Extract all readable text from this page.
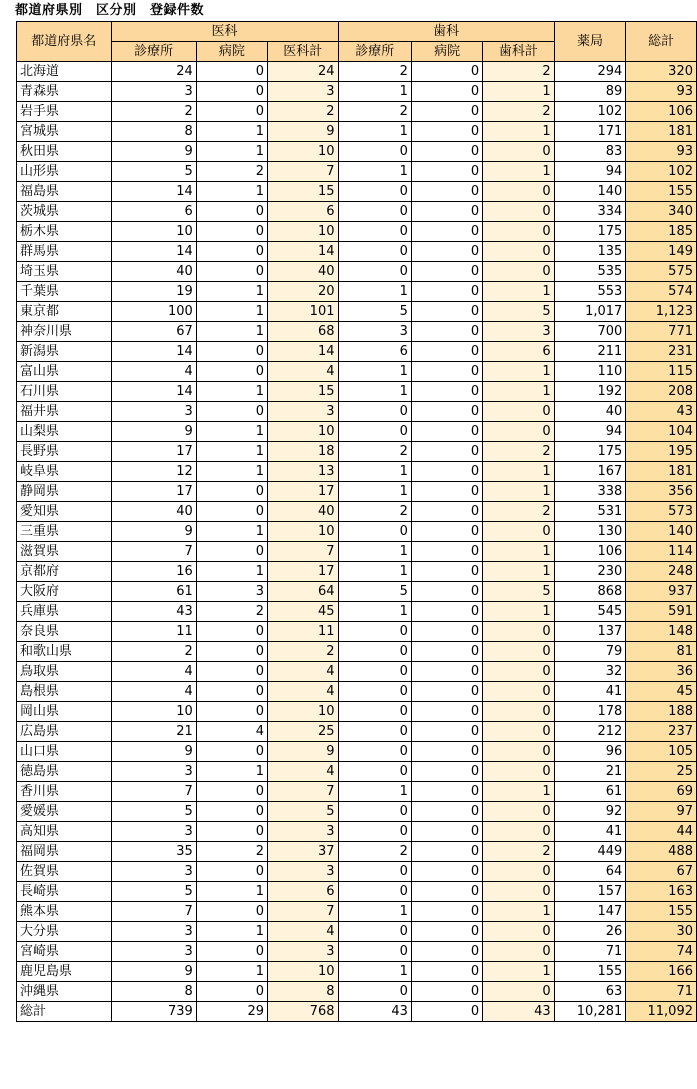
都道府県別　区分別　登録件数
都道府県名	医科			歯科			薬局	総計
	診療所	病院	医科計	診療所	病院	歯科計		
北海道	24	0	24	2	0	2	294	320
青森県	3	0	3	1	0	1	89	93
岩手県	2	0	2	2	0	2	102	106
宮城県	8	1	9	1	0	1	171	181
秋田県	9	1	10	0	0	0	83	93
山形県	5	2	7	1	0	1	94	102
福島県	14	1	15	0	0	0	140	155
茨城県	6	0	6	0	0	0	334	340
栃木県	10	0	10	0	0	0	175	185
群馬県	14	0	14	0	0	0	135	149
埼玉県	40	0	40	0	0	0	535	575
千葉県	19	1	20	1	0	1	553	574
東京都	100	1	101	5	0	5	1,017	1,123
神奈川県	67	1	68	3	0	3	700	771
新潟県	14	0	14	6	0	6	211	231
富山県	4	0	4	1	0	1	110	115
石川県	14	1	15	1	0	1	192	208
福井県	3	0	3	0	0	0	40	43
山梨県	9	1	10	0	0	0	94	104
長野県	17	1	18	2	0	2	175	195
岐阜県	12	1	13	1	0	1	167	181
静岡県	17	0	17	1	0	1	338	356
愛知県	40	0	40	2	0	2	531	573
三重県	9	1	10	0	0	0	130	140
滋賀県	7	0	7	1	0	1	106	114
京都府	16	1	17	1	0	1	230	248
大阪府	61	3	64	5	0	5	868	937
兵庫県	43	2	45	1	0	1	545	591
奈良県	11	0	11	0	0	0	137	148
和歌山県	2	0	2	0	0	0	79	81
鳥取県	4	0	4	0	0	0	32	36
島根県	4	0	4	0	0	0	41	45
岡山県	10	0	10	0	0	0	178	188
広島県	21	4	25	0	0	0	212	237
山口県	9	0	9	0	0	0	96	105
徳島県	3	1	4	0	0	0	21	25
香川県	7	0	7	1	0	1	61	69
愛媛県	5	0	5	0	0	0	92	97
高知県	3	0	3	0	0	0	41	44
福岡県	35	2	37	2	0	2	449	488
佐賀県	3	0	3	0	0	0	64	67
長崎県	5	1	6	0	0	0	157	163
熊本県	7	0	7	1	0	1	147	155
大分県	3	1	4	0	0	0	26	30
宮崎県	3	0	3	0	0	0	71	74
鹿児島県	9	1	10	1	0	1	155	166
沖縄県	8	0	8	0	0	0	63	71
総計	739	29	768	43	0	43	10,281	11,092
